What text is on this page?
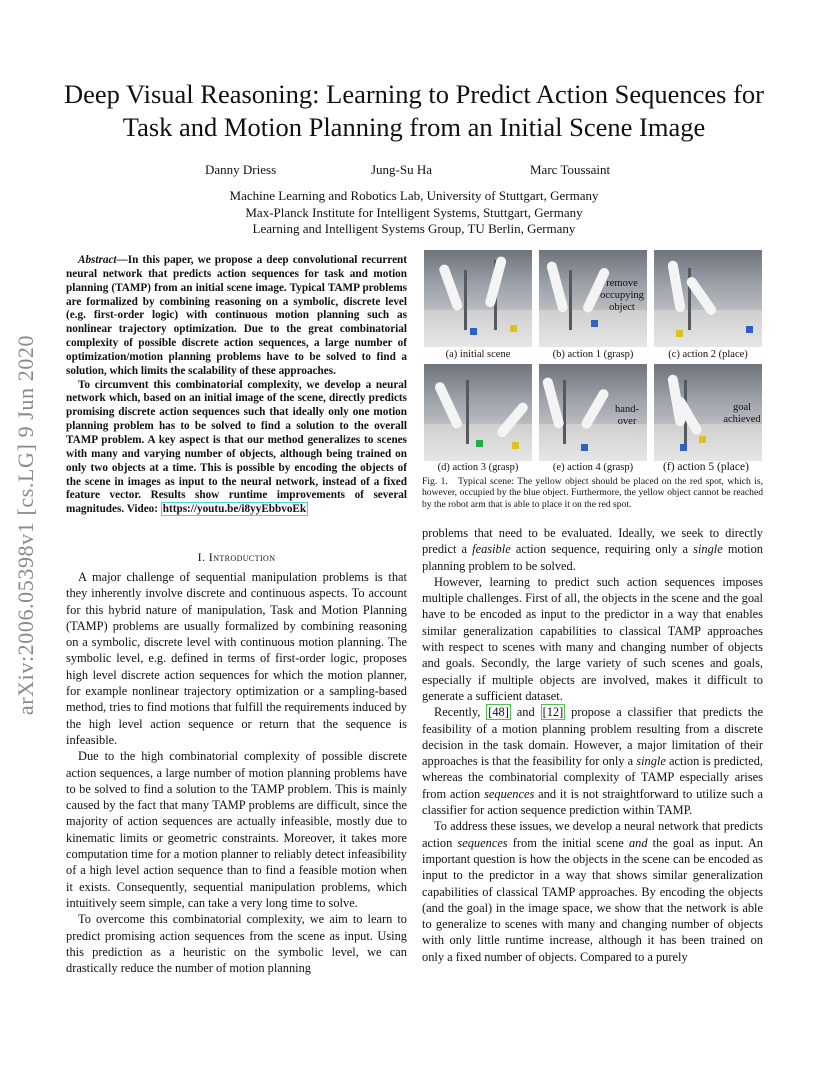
arXiv:2006.05398v1 [cs.LG] 9 Jun 2020
Deep Visual Reasoning: Learning to Predict Action Sequences for Task and Motion Planning from an Initial Scene Image
Danny Driess	Jung-Su Ha	Marc Toussaint
Machine Learning and Robotics Lab, University of Stuttgart, Germany
Max-Planck Institute for Intelligent Systems, Stuttgart, Germany
Learning and Intelligent Systems Group, TU Berlin, Germany

Abstract—In this paper, we propose a deep convolutional recurrent neural network that predicts action sequences for task and motion planning (TAMP) from an initial scene image. Typical TAMP problems are formalized by combining reasoning on a symbolic, discrete level (e.g. first-order logic) with continuous motion planning such as nonlinear trajectory optimization. Due to the great combinatorial complexity of possible discrete action sequences, a large number of optimization/motion planning problems have to be solved to find a solution, which limits the scalability of these approaches.

To circumvent this combinatorial complexity, we develop a neural network which, based on an initial image of the scene, directly predicts promising discrete action sequences such that ideally only one motion planning problem has to be solved to find a solution to the overall TAMP problem. A key aspect is that our method generalizes to scenes with many and varying number of objects, although being trained on only two objects at a time. This is possible by encoding the objects of the scene in images as input to the neural network, instead of a fixed feature vector. Results show runtime improvements of several magnitudes. Video: https://youtu.be/i8yyEbbvoEk

I. Introduction

A major challenge of sequential manipulation problems is that they inherently involve discrete and continuous aspects. To account for this hybrid nature of manipulation, Task and Motion Planning (TAMP) problems are usually formalized by combining reasoning on a symbolic, discrete level with continuous motion planning. The symbolic level, e.g. defined in terms of first-order logic, proposes high level discrete action sequences for which the motion planner, for example nonlinear trajectory optimization or a sampling-based method, tries to find motions that fulfill the requirements induced by the high level action sequence or return that the sequence is infeasible.

Due to the high combinatorial complexity of possible discrete action sequences, a large number of motion planning problems have to be solved to find a solution to the TAMP problem. This is mainly caused by the fact that many TAMP problems are difficult, since the majority of action sequences are actually infeasible, mostly due to kinematic limits or geometric constraints. Moreover, it takes more computation time for a motion planner to reliably detect infeasibility of a high level action sequence than to find a feasible motion when it exists. Consequently, sequential manipulation problems, which intuitively seem simple, can take a very long time to solve.

To overcome this combinatorial complexity, we aim to learn to predict promising action sequences from the scene as input. Using this prediction as a heuristic on the symbolic level, we can drastically reduce the number of motion planning

remove
occupying
object
hand-
over
goal
achieved
(a) initial scene	(b) action 1 (grasp)	(c) action 2 (place)
(d) action 3 (grasp)	(e) action 4 (grasp)	(f) action 5 (place)
Fig. 1. Typical scene: The yellow object should be placed on the red spot, which is, however, occupied by the blue object. Furthermore, the yellow object cannot be reached by the robot arm that is able to place it on the red spot.

problems that need to be evaluated. Ideally, we seek to directly predict a feasible action sequence, requiring only a single motion planning problem to be solved.

However, learning to predict such action sequences imposes multiple challenges. First of all, the objects in the scene and the goal have to be encoded as input to the predictor in a way that enables similar generalization capabilities to classical TAMP approaches with respect to scenes with many and changing number of objects and goals. Secondly, the large variety of such scenes and goals, especially if multiple objects are involved, makes it difficult to generate a sufficient dataset.

Recently, [48] and [12] propose a classifier that predicts the feasibility of a motion planning problem resulting from a discrete decision in the task domain. However, a major limitation of their approaches is that the feasibility for only a single action is predicted, whereas the combinatorial complexity of TAMP especially arises from action sequences and it is not straightforward to utilize such a classifier for action sequence prediction within TAMP.

To address these issues, we develop a neural network that predicts action sequences from the initial scene and the goal as input. An important question is how the objects in the scene can be encoded as input to the predictor in a way that shows similar generalization capabilities of classical TAMP approaches. By encoding the objects (and the goal) in the image space, we show that the network is able to generalize to scenes with many and changing number of objects with only little runtime increase, although it has been trained on only a fixed number of objects. Compared to a purely
